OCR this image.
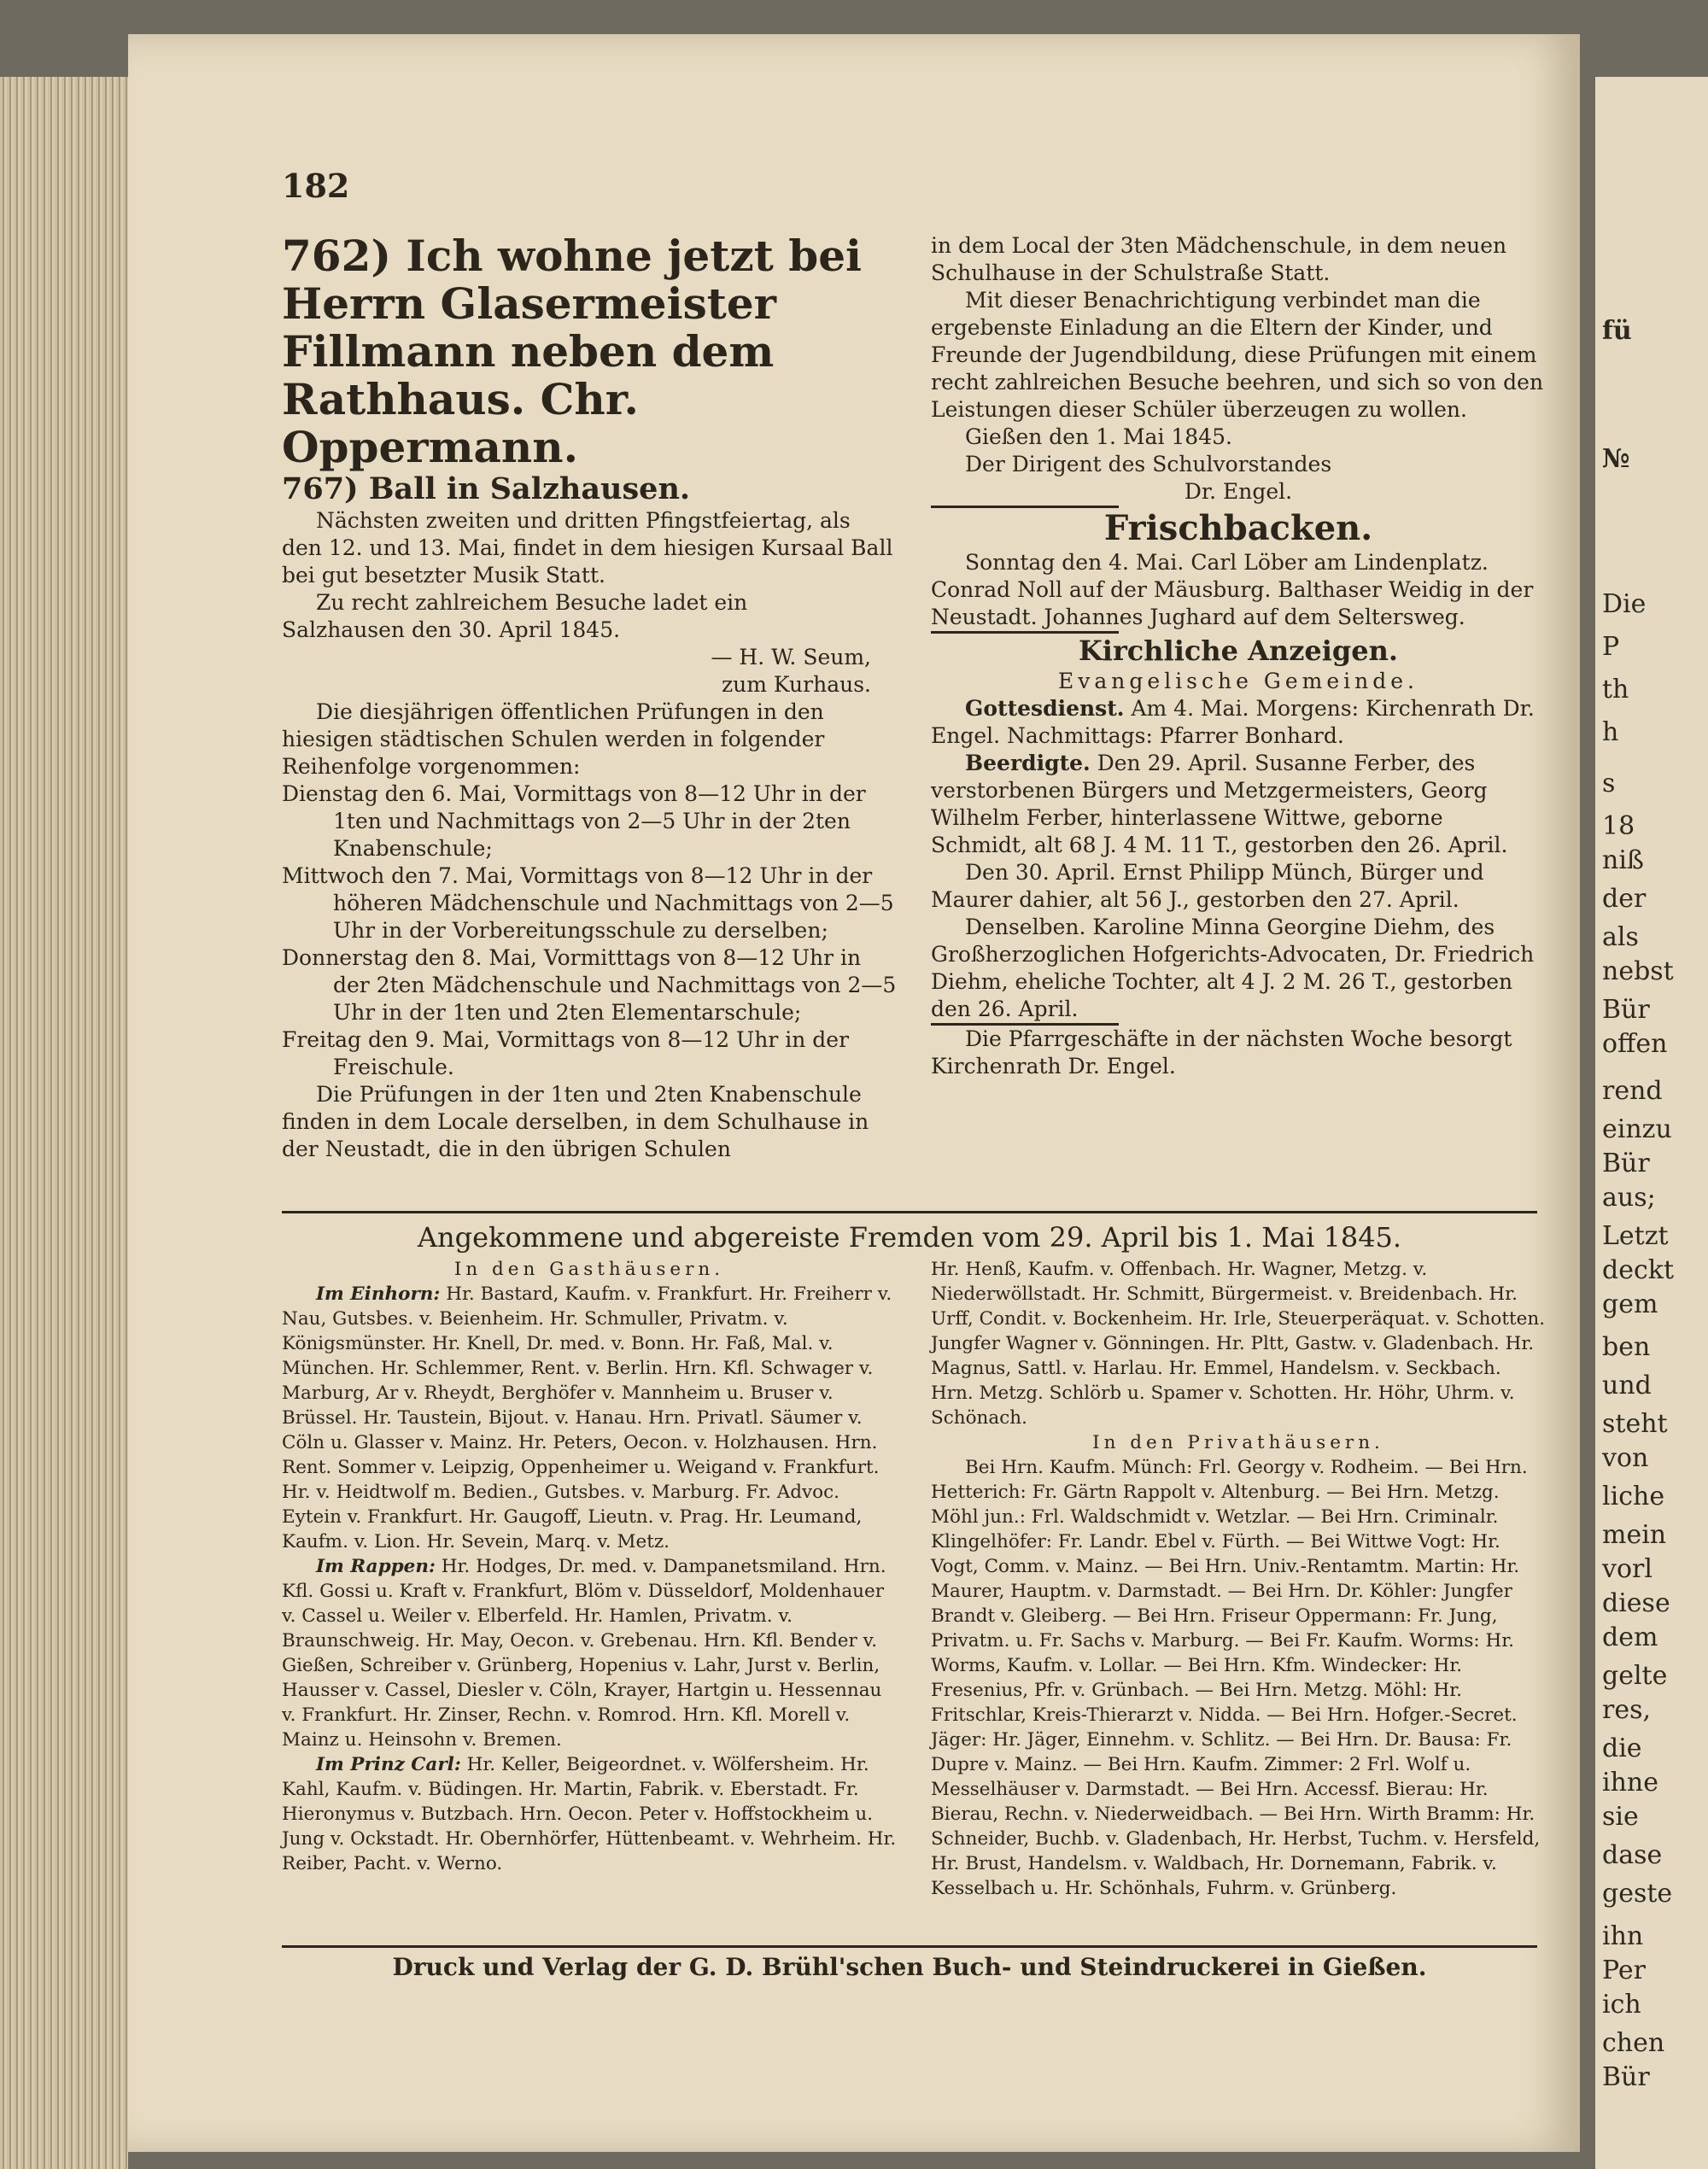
fü
№
Die
P
th
h
s
18
niß
der
als
nebst
Bür
offen
rend
einzu
Bür
aus;
Letzt
deckt
gem
ben
und
steht
von
liche
mein
vorl
diese
dem
gelte
res,
die
ihne
sie
dase
geste
ihn
Per
ich
chen
Bür
182

762) Ich wohne jetzt bei Herrn Glasermeister Fillmann neben dem Rathhaus. Chr. Oppermann.

767) Ball in Salzhausen.

Nächsten zweiten und dritten Pfingstfeiertag, als den 12. und 13. Mai, findet in dem hiesigen Kursaal Ball bei gut besetzter Musik Statt.

Zu recht zahlreichem Besuche ladet ein

Salzhausen den 30. April 1845.

— H. W. Seum,

zum Kurhaus.

Die diesjährigen öffentlichen Prüfungen in den hiesigen städtischen Schulen werden in folgender Reihenfolge vorgenommen:

Dienstag den 6. Mai, Vormittags von 8—12 Uhr in der 1ten und Nachmittags von 2—5 Uhr in der 2ten Knabenschule;

Mittwoch den 7. Mai, Vormittags von 8—12 Uhr in der höheren Mädchenschule und Nachmittags von 2—5 Uhr in der Vorbereitungsschule zu derselben;

Donnerstag den 8. Mai, Vormitttags von 8—12 Uhr in der 2ten Mädchenschule und Nachmittags von 2—5 Uhr in der 1ten und 2ten Elementarschule;

Freitag den 9. Mai, Vormittags von 8—12 Uhr in der Freischule.

Die Prüfungen in der 1ten und 2ten Knabenschule finden in dem Locale derselben, in dem Schulhause in der Neustadt, die in den übrigen Schulen

in dem Local der 3ten Mädchenschule, in dem neuen Schulhause in der Schulstraße Statt.

Mit dieser Benachrichtigung verbindet man die ergebenste Einladung an die Eltern der Kinder, und Freunde der Jugendbildung, diese Prüfungen mit einem recht zahlreichen Besuche beehren, und sich so von den Leistungen dieser Schüler überzeugen zu wollen.

Gießen den 1. Mai 1845.

Der Dirigent des Schulvorstandes

Dr. Engel.

Frischbacken.

Sonntag den 4. Mai. Carl Löber am Lindenplatz. Conrad Noll auf der Mäusburg. Balthaser Weidig in der Neustadt. Johannes Jughard auf dem Seltersweg.

Kirchliche Anzeigen.
Evangelische Gemeinde.

Gottesdienst. Am 4. Mai. Morgens: Kirchenrath Dr. Engel. Nachmittags: Pfarrer Bonhard.

Beerdigte. Den 29. April. Susanne Ferber, des verstorbenen Bürgers und Metzgermeisters, Georg Wilhelm Ferber, hinterlassene Wittwe, geborne Schmidt, alt 68 J. 4 M. 11 T., gestorben den 26. April.

Den 30. April. Ernst Philipp Münch, Bürger und Maurer dahier, alt 56 J., gestorben den 27. April.

Denselben. Karoline Minna Georgine Diehm, des Großherzoglichen Hofgerichts-Advocaten, Dr. Friedrich Diehm, eheliche Tochter, alt 4 J. 2 M. 26 T., gestorben den 26. April.

Die Pfarrgeschäfte in der nächsten Woche besorgt Kirchenrath Dr. Engel.

Angekommene und abgereiste Fremden vom 29. April bis 1. Mai 1845.
In den Gasthäusern.

Im Einhorn: Hr. Bastard, Kaufm. v. Frankfurt. Hr. Freiherr v. Nau, Gutsbes. v. Beienheim. Hr. Schmuller, Privatm. v. Königsmünster. Hr. Knell, Dr. med. v. Bonn. Hr. Faß, Mal. v. München. Hr. Schlemmer, Rent. v. Berlin. Hrn. Kfl. Schwager v. Marburg, Ar v. Rheydt, Berghöfer v. Mannheim u. Bruser v. Brüssel. Hr. Taustein, Bijout. v. Hanau. Hrn. Privatl. Säumer v. Cöln u. Glasser v. Mainz. Hr. Peters, Oecon. v. Holzhausen. Hrn. Rent. Sommer v. Leipzig, Oppenheimer u. Weigand v. Frankfurt. Hr. v. Heidtwolf m. Bedien., Gutsbes. v. Marburg. Fr. Advoc. Eytein v. Frankfurt. Hr. Gaugoff, Lieutn. v. Prag. Hr. Leumand, Kaufm. v. Lion. Hr. Sevein, Marq. v. Metz.

Im Rappen: Hr. Hodges, Dr. med. v. Dampanetsmiland. Hrn. Kfl. Gossi u. Kraft v. Frankfurt, Blöm v. Düsseldorf, Moldenhauer v. Cassel u. Weiler v. Elberfeld. Hr. Hamlen, Privatm. v. Braunschweig. Hr. May, Oecon. v. Grebenau. Hrn. Kfl. Bender v. Gießen, Schreiber v. Grünberg, Hopenius v. Lahr, Jurst v. Berlin, Hausser v. Cassel, Diesler v. Cöln, Krayer, Hartgin u. Hessennau v. Frankfurt. Hr. Zinser, Rechn. v. Romrod. Hrn. Kfl. Morell v. Mainz u. Heinsohn v. Bremen.

Im Prinz Carl: Hr. Keller, Beigeordnet. v. Wölfersheim. Hr. Kahl, Kaufm. v. Büdingen. Hr. Martin, Fabrik. v. Eberstadt. Fr. Hieronymus v. Butzbach. Hrn. Oecon. Peter v. Hoffstockheim u. Jung v. Ockstadt. Hr. Obernhörfer, Hüttenbeamt. v. Wehrheim. Hr. Reiber, Pacht. v. Werno.

Hr. Henß, Kaufm. v. Offenbach. Hr. Wagner, Metzg. v. Niederwöllstadt. Hr. Schmitt, Bürgermeist. v. Breidenbach. Hr. Urff, Condit. v. Bockenheim. Hr. Irle, Steuerperäquat. v. Schotten. Jungfer Wagner v. Gönningen. Hr. Pltt, Gastw. v. Gladenbach. Hr. Magnus, Sattl. v. Harlau. Hr. Emmel, Handelsm. v. Seckbach. Hrn. Metzg. Schlörb u. Spamer v. Schotten. Hr. Höhr, Uhrm. v. Schönach.

In den Privathäusern.

Bei Hrn. Kaufm. Münch: Frl. Georgy v. Rodheim. — Bei Hrn. Hetterich: Fr. Gärtn Rappolt v. Altenburg. — Bei Hrn. Metzg. Möhl jun.: Frl. Waldschmidt v. Wetzlar. — Bei Hrn. Criminalr. Klingelhöfer: Fr. Landr. Ebel v. Fürth. — Bei Wittwe Vogt: Hr. Vogt, Comm. v. Mainz. — Bei Hrn. Univ.-Rentamtm. Martin: Hr. Maurer, Hauptm. v. Darmstadt. — Bei Hrn. Dr. Köhler: Jungfer Brandt v. Gleiberg. — Bei Hrn. Friseur Oppermann: Fr. Jung, Privatm. u. Fr. Sachs v. Marburg. — Bei Fr. Kaufm. Worms: Hr. Worms, Kaufm. v. Lollar. — Bei Hrn. Kfm. Windecker: Hr. Fresenius, Pfr. v. Grünbach. — Bei Hrn. Metzg. Möhl: Hr. Fritschlar, Kreis-Thierarzt v. Nidda. — Bei Hrn. Hofger.-Secret. Jäger: Hr. Jäger, Einnehm. v. Schlitz. — Bei Hrn. Dr. Bausa: Fr. Dupre v. Mainz. — Bei Hrn. Kaufm. Zimmer: 2 Frl. Wolf u. Messelhäuser v. Darmstadt. — Bei Hrn. Accessf. Bierau: Hr. Bierau, Rechn. v. Niederweidbach. — Bei Hrn. Wirth Bramm: Hr. Schneider, Buchb. v. Gladenbach, Hr. Herbst, Tuchm. v. Hersfeld, Hr. Brust, Handelsm. v. Waldbach, Hr. Dornemann, Fabrik. v. Kesselbach u. Hr. Schönhals, Fuhrm. v. Grünberg.

Druck und Verlag der G. D. Brühl'schen Buch- und Steindruckerei in Gießen.
